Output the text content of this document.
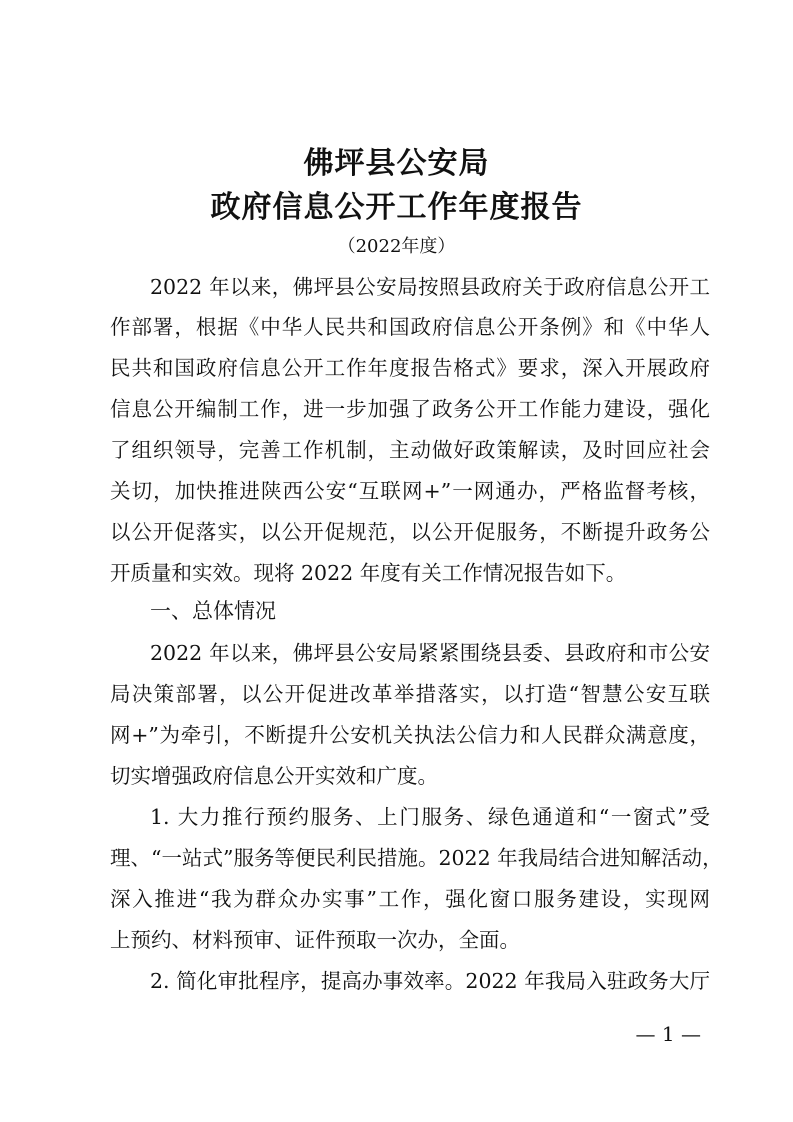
佛坪县公安局
政府信息公开工作年度报告
（2022年度）
2022 年以来，佛坪县公安局按照县政府关于政府信息公开工
作部署，根据《中华人民共和国政府信息公开条例》和《中华人
民共和国政府信息公开工作年度报告格式》要求，深入开展政府
信息公开编制工作，进一步加强了政务公开工作能力建设，强化
了组织领导，完善工作机制，主动做好政策解读，及时回应社会
关切，加快推进陕西公安“互联网+”一网通办，严格监督考核，
以公开促落实，以公开促规范，以公开促服务，不断提升政务公
开质量和实效。现将 2022 年度有关工作情况报告如下。
一、总体情况
2022 年以来，佛坪县公安局紧紧围绕县委、县政府和市公安
局决策部署，以公开促进改革举措落实，以打造“智慧公安互联
网+”为牵引，不断提升公安机关执法公信力和人民群众满意度，
切实增强政府信息公开实效和广度。
1. 大力推行预约服务、上门服务、绿色通道和“一窗式”受
理、“一站式”服务等便民利民措施。2022 年我局结合进知解活动，
深入推进“我为群众办实事”工作，强化窗口服务建设，实现网
上预约、材料预审、证件预取一次办，全面。
2. 简化审批程序，提高办事效率。2022 年我局入驻政务大厅
— 1 —
